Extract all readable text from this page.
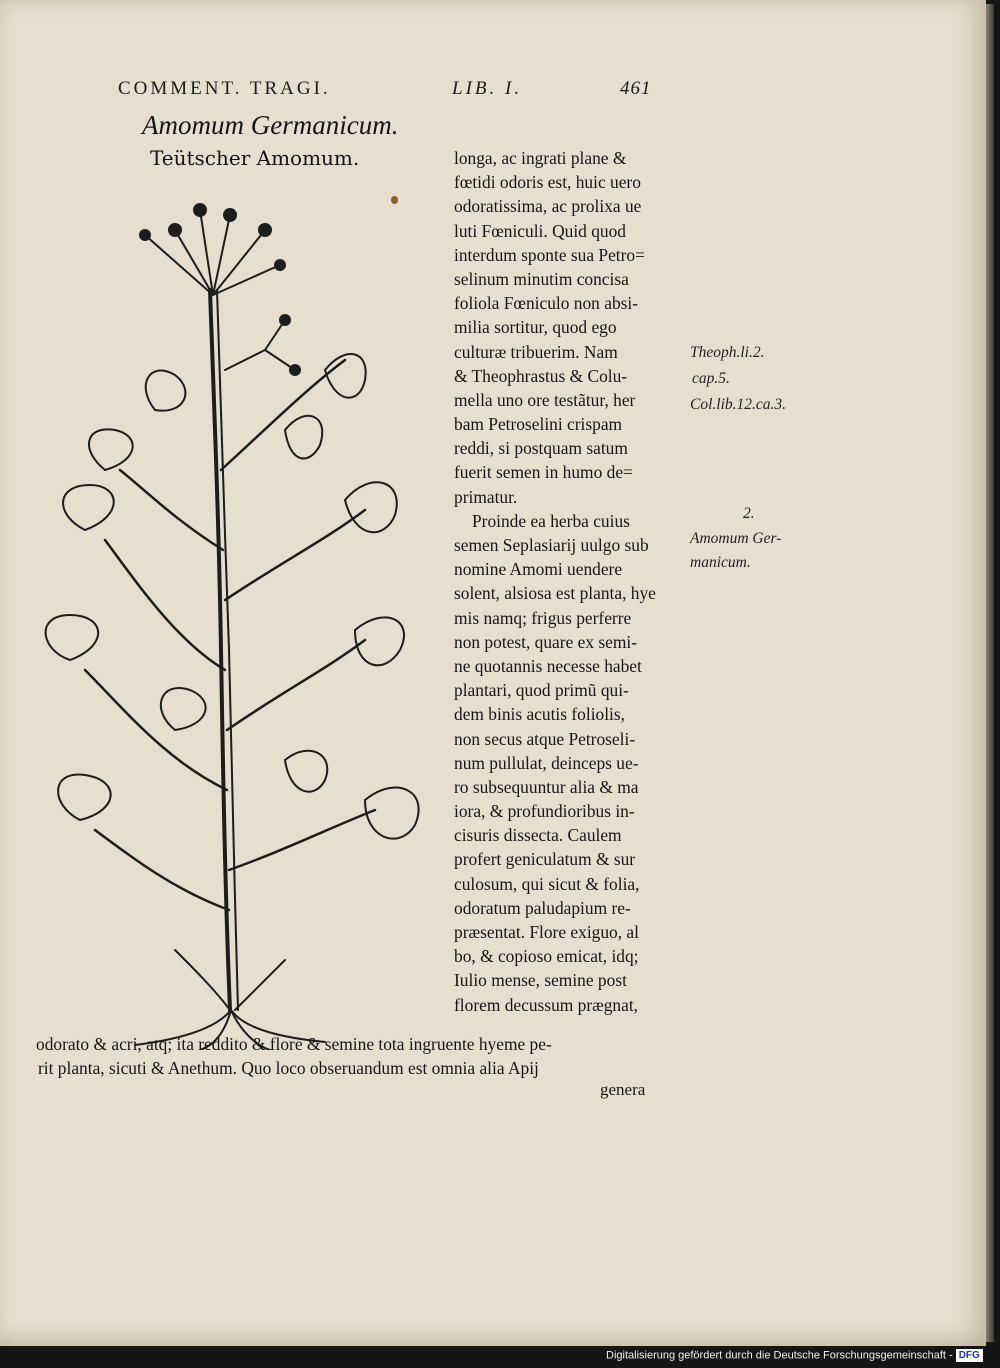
COMMENT. TRAGI.	LIB. I.	461
Amomum Germanicum.
Teütscher Amomum.	longa, ac ingrati plane &
fœtidi odoris est, huic uero
odoratissima, ac prolixa ue
luti Fœniculi. Quid quod
interdum sponte sua Petro=
selinum minutim concisa
foliola Fœniculo non absi-
milia sortitur, quod ego
culturæ tribuerim. Nam
& Theophrastus & Colu-
mella uno ore testãtur, her
bam Petroselini crispam
reddi, si postquam satum
fuerit semen in humo de=
primatur.
Proinde ea herba cuius
semen Seplasiarij uulgo sub
nomine Amomi uendere
solent, alsiosa est planta, hye
mis namq; frigus perferre
non potest, quare ex semi-
ne quotannis necesse habet
plantari, quod primũ qui-
dem binis acutis foliolis,
non secus atque Petroseli-
num pullulat, deinceps ue-
ro subsequuntur alia & ma
iora, & profundioribus in-
cisuris dissecta. Caulem
profert geniculatum & sur
culosum, qui sicut & folia,
odoratum paludapium re-
præsentat. Flore exiguo, al
bo, & copioso emicat, idq;
Iulio mense, semine post
florem decussum prægnat,
odorato & acri, atq; ita reddito & flore & semine tota ingruente hyeme pe-
rit planta, sicuti & Anethum. Quo loco obseruandum est omnia alia Apij
genera
Theoph.li.2.
cap.5.
Col.lib.12.ca.3.
2.
Amomum Ger-
manicum.
Digitalisierung gefördert durch die Deutsche Forschungsgemeinschaft - DFG
